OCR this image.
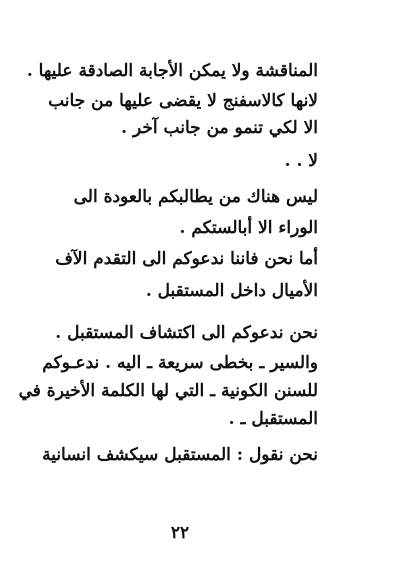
المناقشة ولا يمكن الأجابة الصادقة عليها .
لانها كالاسفنج لا يقضى عليها من جانب
الا لكي تنمو من جانب آخر .
لا . .
ليس هناك من يطالبكم بالعودة الى
الوراء الا أبالستكم .
أما نحن فاننا ندعوكم الى التقدم الآف
الأميال داخل المستقبل .
نحن ندعوكم الى اكتشاف المستقبل .
والسير ـ بخطى سريعة ـ اليه . ندعـوكم
للسنن الكونية ـ التي لها الكلمة الأخيرة في
المستقبل ـ .
نحن نقول : المستقبل سيكشف انسانية
٢٢
